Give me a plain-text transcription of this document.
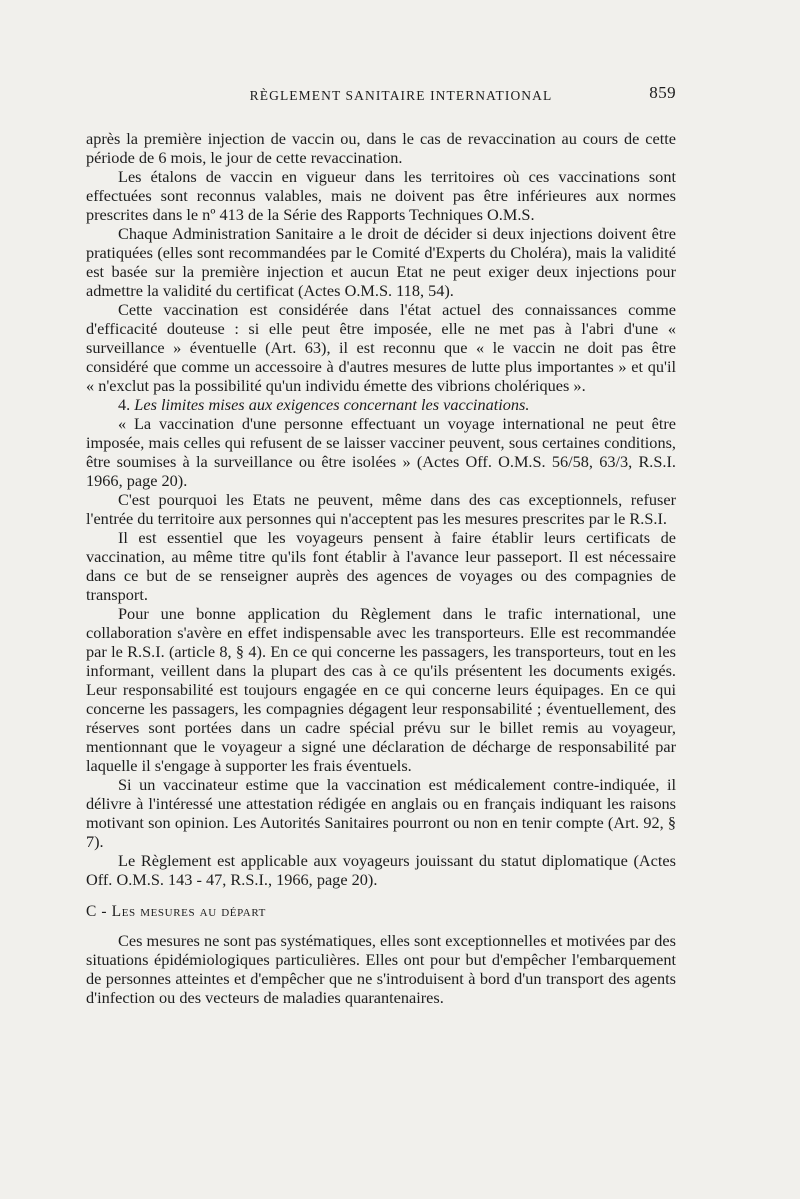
RÈGLEMENT SANITAIRE INTERNATIONAL	859

après la première injection de vaccin ou, dans le cas de revaccination au cours de cette période de 6 mois, le jour de cette revaccination.

Les étalons de vaccin en vigueur dans les territoires où ces vaccinations sont effectuées sont reconnus valables, mais ne doivent pas être inférieures aux normes prescrites dans le nº 413 de la Série des Rapports Techniques O.M.S.

Chaque Administration Sanitaire a le droit de décider si deux injections doivent être pratiquées (elles sont recommandées par le Comité d'Experts du Choléra), mais la validité est basée sur la première injection et aucun Etat ne peut exiger deux injections pour admettre la validité du certificat (Actes O.M.S. 118, 54).

Cette vaccination est considérée dans l'état actuel des connaissances comme d'efficacité douteuse : si elle peut être imposée, elle ne met pas à l'abri d'une « surveillance » éventuelle (Art. 63), il est reconnu que « le vaccin ne doit pas être considéré que comme un accessoire à d'autres mesures de lutte plus importantes » et qu'il « n'exclut pas la possibilité qu'un individu émette des vibrions cholériques ».

4. Les limites mises aux exigences concernant les vaccinations.

« La vaccination d'une personne effectuant un voyage international ne peut être imposée, mais celles qui refusent de se laisser vacciner peuvent, sous certaines conditions, être soumises à la surveillance ou être isolées » (Actes Off. O.M.S. 56/58, 63/3, R.S.I. 1966, page 20).

C'est pourquoi les Etats ne peuvent, même dans des cas exceptionnels, refuser l'entrée du territoire aux personnes qui n'acceptent pas les mesures prescrites par le R.S.I.

Il est essentiel que les voyageurs pensent à faire établir leurs certificats de vaccination, au même titre qu'ils font établir à l'avance leur passeport. Il est nécessaire dans ce but de se renseigner auprès des agences de voyages ou des compagnies de transport.

Pour une bonne application du Règlement dans le trafic international, une collaboration s'avère en effet indispensable avec les transporteurs. Elle est recommandée par le R.S.I. (article 8, § 4). En ce qui concerne les passagers, les transporteurs, tout en les informant, veillent dans la plupart des cas à ce qu'ils présentent les documents exigés. Leur responsabilité est toujours engagée en ce qui concerne leurs équipages. En ce qui concerne les passagers, les compagnies dégagent leur responsabilité ; éventuellement, des réserves sont portées dans un cadre spécial prévu sur le billet remis au voyageur, mentionnant que le voyageur a signé une déclaration de décharge de responsabilité par laquelle il s'engage à supporter les frais éventuels.

Si un vaccinateur estime que la vaccination est médicalement contre-indiquée, il délivre à l'intéressé une attestation rédigée en anglais ou en français indiquant les raisons motivant son opinion. Les Autorités Sanitaires pourront ou non en tenir compte (Art. 92, § 7).

Le Règlement est applicable aux voyageurs jouissant du statut diplomatique (Actes Off. O.M.S. 143 - 47, R.S.I., 1966, page 20).

C - Les mesures au départ

Ces mesures ne sont pas systématiques, elles sont exceptionnelles et motivées par des situations épidémiologiques particulières. Elles ont pour but d'empêcher l'embarquement de personnes atteintes et d'empêcher que ne s'introduisent à bord d'un transport des agents d'infection ou des vecteurs de maladies quarantenaires.
